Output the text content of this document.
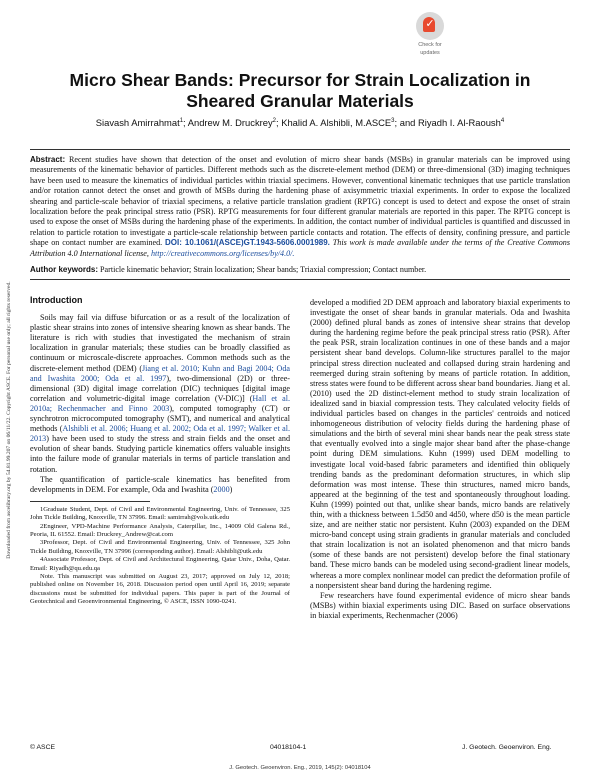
Downloaded from ascelibrary.org by 54.81.99.207 on 06/11/22. Copyright ASCE. For personal use only; all rights reserved.
✓
Check for
updates
Micro Shear Bands: Precursor for Strain Localization in Sheared Granular Materials
Siavash Amirrahmat$^1$; Andrew M. Druckrey$^2$; Khalid A. Alshibli, M.ASCE$^3$; and Riyadh I. Al-Raoush$^4$
Abstract: Recent studies have shown that detection of the onset and evolution of micro shear bands (MSBs) in granular materials can be improved using measurements of the kinematic behavior of particles. Different methods such as the discrete-element method (DEM) or three-dimensional (3D) imaging techniques have been used to measure the kinematics of individual particles within triaxial specimens. However, conventional kinematic techniques that use particle translation and/or rotation cannot detect the onset and growth of MSBs during the hardening phase of axisymmetric triaxial experiments. In order to expose the localized shearing and particle-scale behavior of triaxial specimens, a relative particle translation gradient (RPTG) concept is used to detect and expose the onset of strain localization before the peak principal stress ratio (PSR). RPTG measurements for four different granular materials are reported in this paper. The RPTG concept is used to expose the onset of MSBs during the hardening phase of the experiments. In addition, the contact number of individual particles is quantified and discussed in relation to particle rotation to investigate a particle-scale relationship between particle contacts and rotation. The effects of density, confining pressure, and particle shape on contact number are examined. DOI: 10.1061/(ASCE)GT.1943-5606.0001989. This work is made available under the terms of the Creative Commons Attribution 4.0 International license, http://creativecommons.org/licenses/by/4.0/.
Author keywords: Particle kinematic behavior; Strain localization; Shear bands; Triaxial compression; Contact number.
Introduction

Soils may fail via diffuse bifurcation or as a result of the localization of plastic shear strains into zones of intensive shearing known as shear bands. The literature is rich with studies that investigated the mechanism of strain localization in granular materials; these studies can be broadly classified as continuum or microscale-discrete approaches. Common methods such as the discrete-element method (DEM) (Jiang et al. 2010; Kuhn and Bagi 2004; Oda and Iwashita 2000; Oda et al. 1997), two-dimensional (2D) or three-dimensional (3D) digital image correlation (DIC) techniques [digital image correlation and volumetric-digital image correlation (V-DIC)] (Hall et al. 2010a; Rechenmacher and Finno 2003), computed tomography (CT) or synchrotron microcomputed tomography (SMT), and numerical and analytical methods (Alshibli et al. 2006; Huang et al. 2002; Oda et al. 1997; Walker et al. 2013) have been used to study the stress and strain fields and the onset and evolution of shear bands. Studying particle kinematics offers valuable insights into the failure mode of granular materials in terms of particle translation and rotation.

The quantification of particle-scale kinematics has benefited from developments in DEM. For example, Oda and Iwashita (2000)

1Graduate Student, Dept. of Civil and Environmental Engineering, Univ. of Tennessee, 325 John Tickle Building, Knoxville, TN 37996. Email: samirrah@vols.utk.edu

2Engineer, VPD-Machine Performance Analysis, Caterpillar, Inc., 14009 Old Galena Rd., Peoria, IL 61552. Email: Druckrey_Andrew@cat.com

3Professor, Dept. of Civil and Environmental Engineering, Univ. of Tennessee, 325 John Tickle Building, Knoxville, TN 37996 (corresponding author). Email: Alshibli@utk.edu

4Associate Professor, Dept. of Civil and Architectural Engineering, Qatar Univ., Doha, Qatar. Email: Riyadh@qu.edu.qa

Note. This manuscript was submitted on August 23, 2017; approved on July 12, 2018; published online on November 16, 2018. Discussion period open until April 16, 2019; separate discussions must be submitted for individual papers. This paper is part of the Journal of Geotechnical and Geoenvironmental Engineering, © ASCE, ISSN 1090-0241.

developed a modified 2D DEM approach and laboratory biaxial experiments to investigate the onset of shear bands in granular materials. Oda and Iwashita (2000) defined plural bands as zones of intensive shear strains that develop during the hardening regime before the peak principal stress ratio (PSR). After the peak PSR, strain localization continues in one of these bands and a major persistent shear band develops. Column-like structures parallel to the major principal stress direction nucleated and collapsed during strain hardening and reemerged during strain softening by means of particle rotation. In addition, stress states were found to be different across shear band boundaries. Jiang et al. (2010) used the 2D distinct-element method to study strain localization of idealized sand in biaxial compression tests. They calculated velocity fields of individual particles based on changes in the particles' centroids and noticed inhomogeneous distribution of velocity fields during the hardening phase of simulations and the birth of several mini shear bands near the peak stress state that eventually evolved into a single major shear band after the phase-change point during DEM simulations. Kuhn (1999) used DEM modelling to investigate local void-based fabric parameters and identified thin obliquely trending bands as the predominant deformation structures, in which slip deformation was most intense. These thin structures, named micro bands, appeared at the beginning of the test and spontaneously throughout loading. Kuhn (1999) pointed out that, unlike shear bands, micro bands are relatively thin, with a thickness between 1.5d50 and 4d50, where d50 is the mean particle size, and are neither static nor persistent. Kuhn (2003) expanded on the DEM micro-band concept using strain gradients in granular materials and concluded that strain localization is not an isolated phenomenon and that micro bands (some of these bands are not persistent) develop before the final stationary band. These micro bands can be modeled using second-gradient linear models, whereas a more complex nonlinear model can predict the deformation profile of a nonpersistent shear band during the hardening regime.

Few researchers have found experimental evidence of micro shear bands (MSBs) within biaxial experiments using DIC. Based on surface observations in biaxial experiments, Rechenmacher (2006)

© ASCE	04018104-1	J. Geotech. Geoenviron. Eng.
J. Geotech. Geoenviron. Eng., 2019, 145(2): 04018104
